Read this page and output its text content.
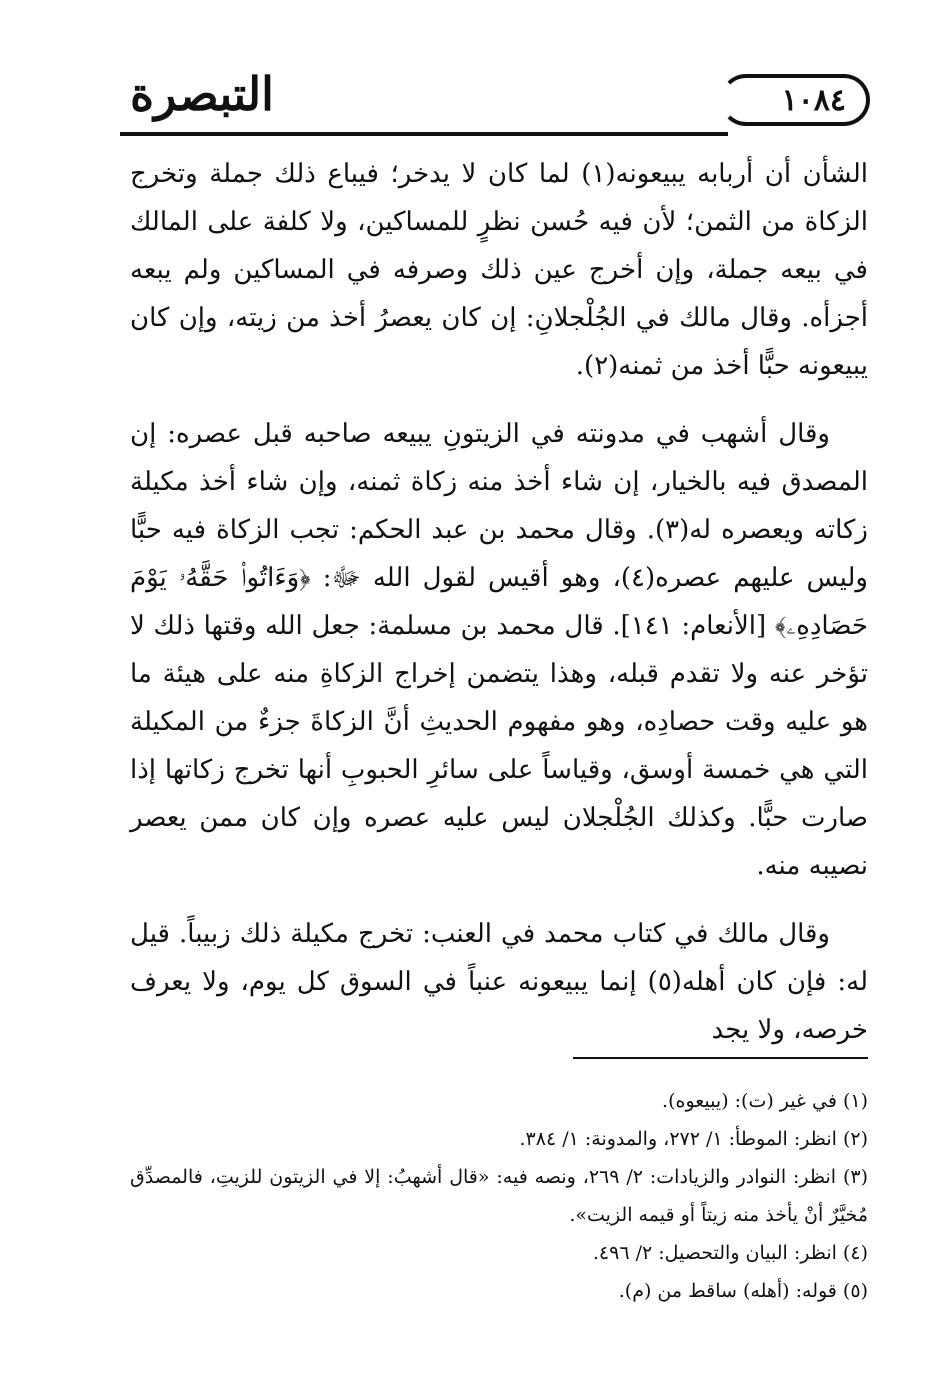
التبصرة	١٠٨٤

الشأن أن أربابه يبيعونه(١) لما كان لا يدخر؛ فيباع ذلك جملة وتخرج الزكاة من الثمن؛ لأن فيه حُسن نظرٍ للمساكين، ولا كلفة على المالك في بيعه جملة، وإن أخرج عين ذلك وصرفه في المساكين ولم يبعه أجزأه. وقال مالك في الجُلْجلانِ: إن كان يعصرُ أخذ من زيته، وإن كان يبيعونه حبًّا أخذ من ثمنه(٢).

وقال أشهب في مدونته في الزيتونِ يبيعه صاحبه قبل عصره: إن المصدق فيه بالخيار، إن شاء أخذ منه زكاة ثمنه، وإن شاء أخذ مكيلة زكاته ويعصره له(٣). وقال محمد بن عبد الحكم: تجب الزكاة فيه حبًّا وليس عليهم عصره(٤)، وهو أقيس لقول الله ﷻ: ﴿وَءَاتُوا۟ حَقَّهُۥ يَوْمَ حَصَادِهِۦ﴾ [الأنعام: ١٤١]. قال محمد بن مسلمة: جعل الله وقتها ذلك لا تؤخر عنه ولا تقدم قبله، وهذا يتضمن إخراج الزكاةِ منه على هيئة ما هو عليه وقت حصادِه، وهو مفهوم الحديثِ أنَّ الزكاةَ جزءٌ من المكيلة التي هي خمسة أوسق، وقياساً على سائرِ الحبوبِ أنها تخرج زكاتها إذا صارت حبًّا. وكذلك الجُلْجلان ليس عليه عصره وإن كان ممن يعصر نصيبه منه.

وقال مالك في كتاب محمد في العنب: تخرج مكيلة ذلك زبيباً. قيل له: فإن كان أهله(٥) إنما يبيعونه عنباً في السوق كل يوم، ولا يعرف خرصه، ولا يجد

(١) في غير (ت): (يبيعوه).

(٢) انظر: الموطأ: ١/ ٢٧٢، والمدونة: ١/ ٣٨٤.

(٣) انظر: النوادر والزيادات: ٢/ ٢٦٩، ونصه فيه: «قال أشهبُ: إلا في الزيتون للزيتِ، فالمصدِّق مُخيَّرٌ أنْ يأخذ منه زيتاً أو قيمه الزيت».

(٤) انظر: البيان والتحصيل: ٢/ ٤٩٦.

(٥) قوله: (أهله) ساقط من (م).
